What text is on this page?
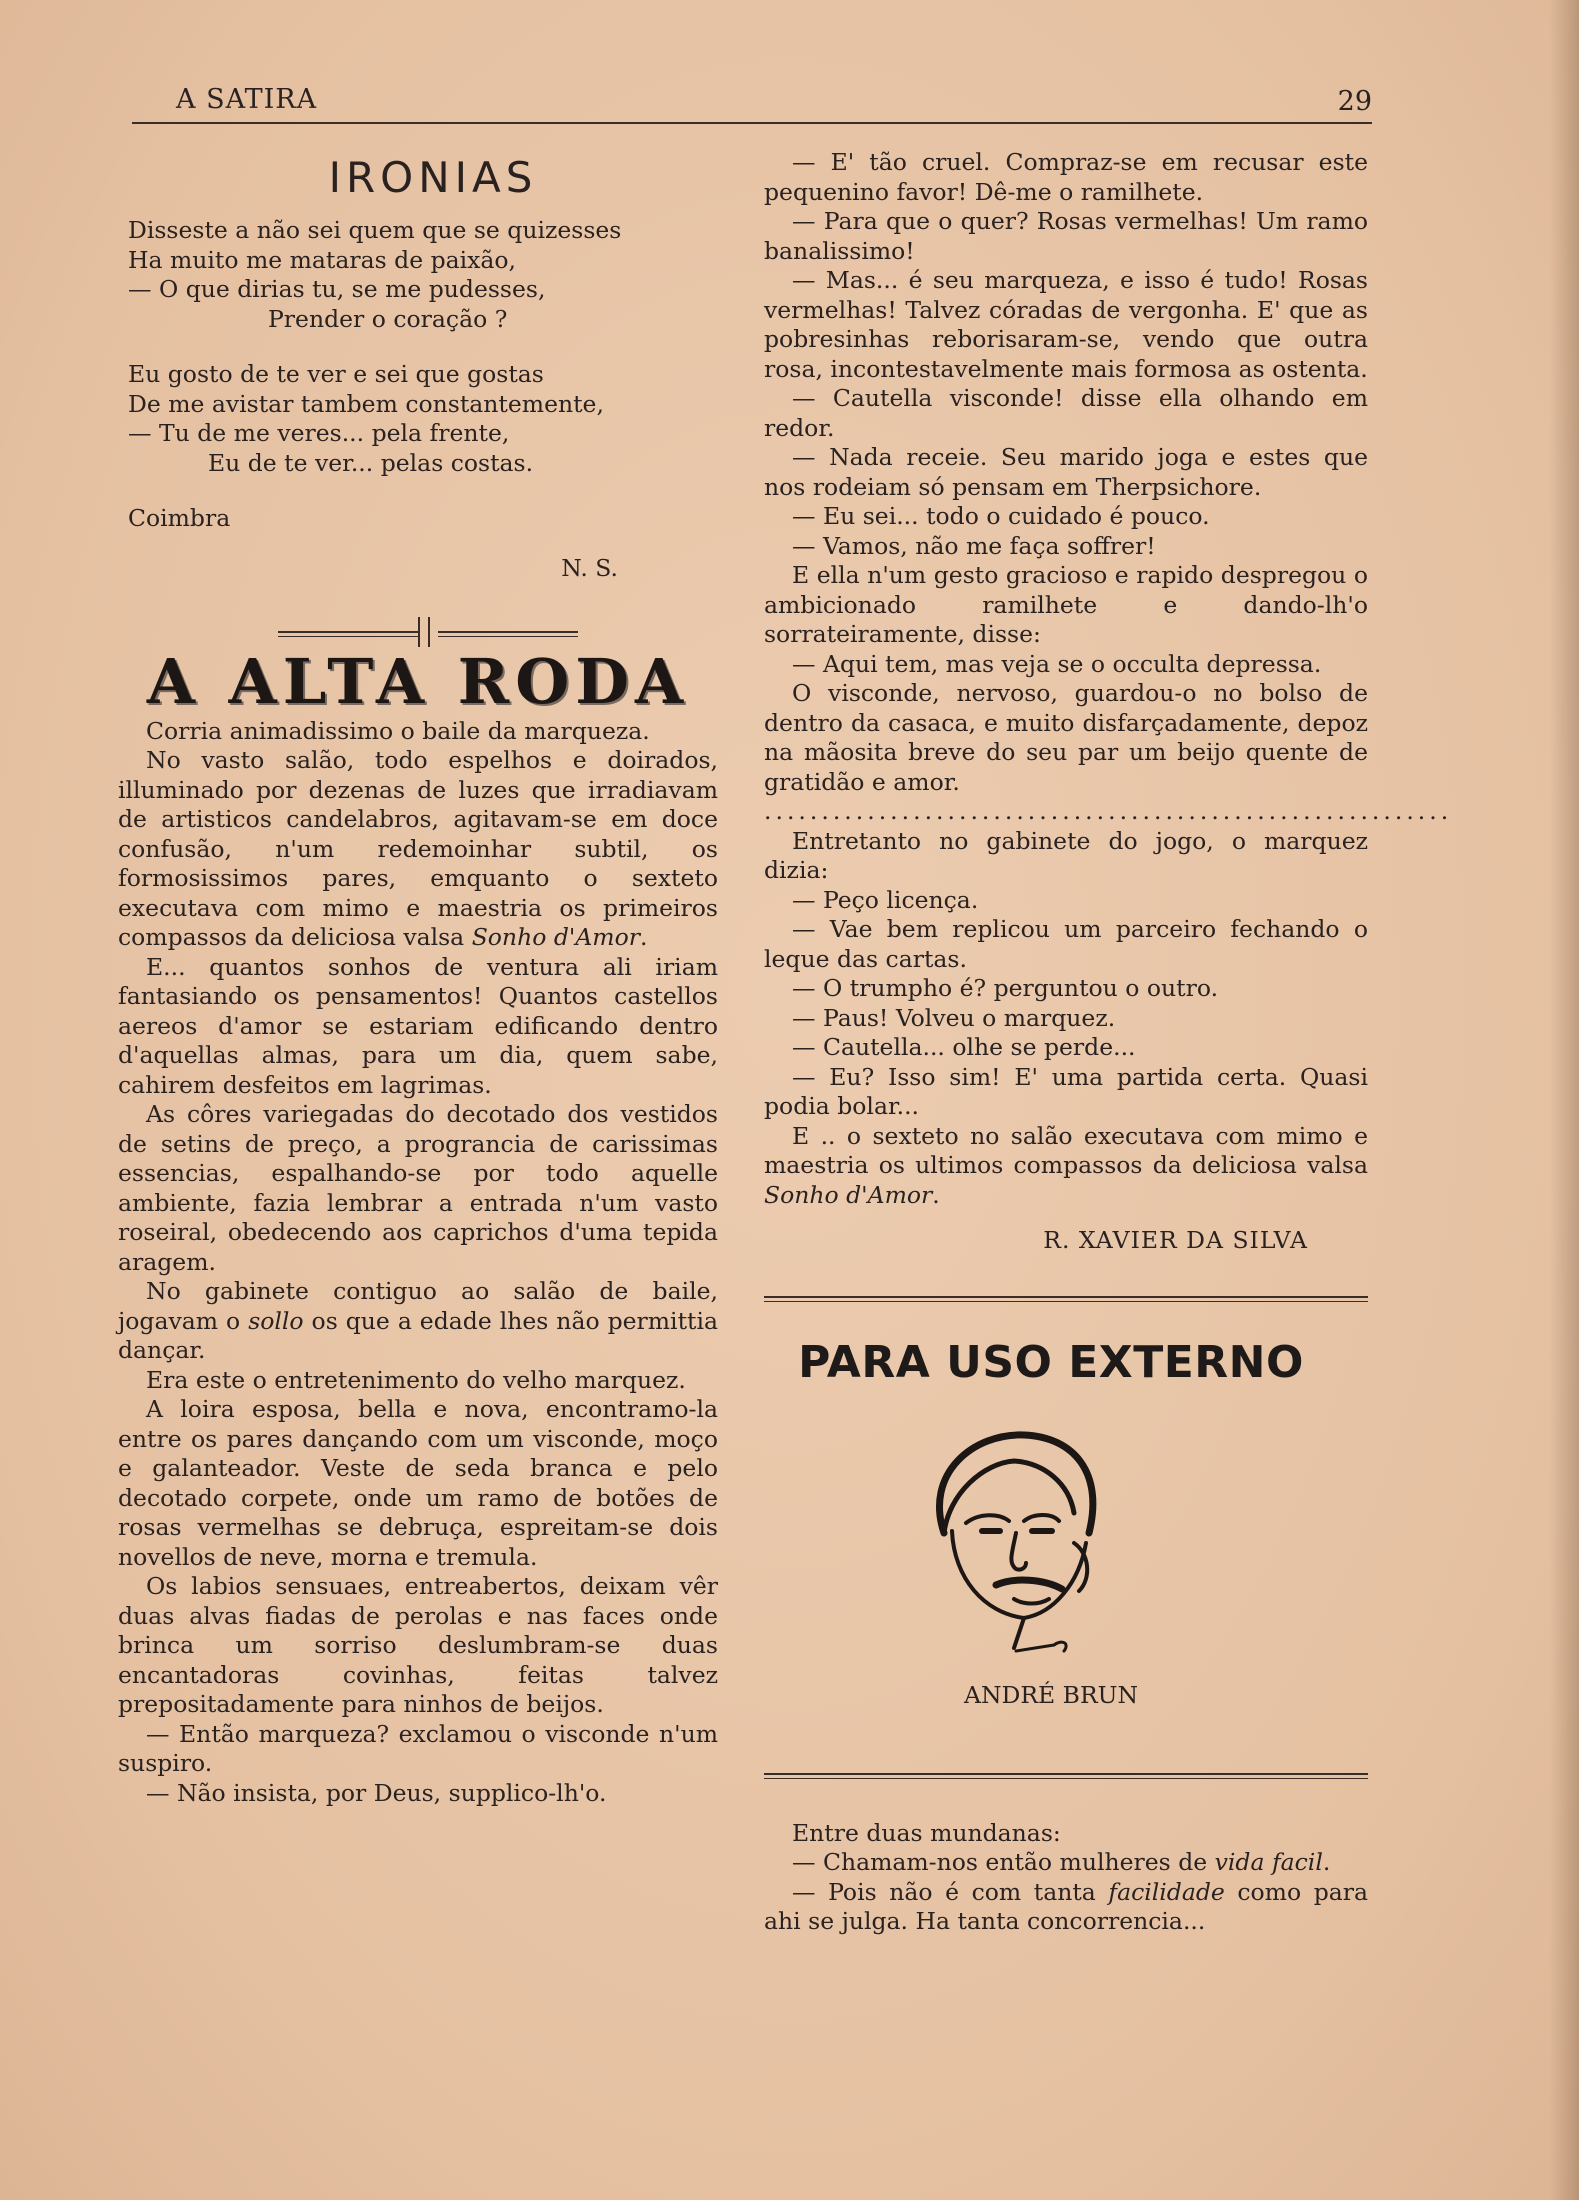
A SATIRA	29
IRONIAS
Disseste a não sei quem que se quizesses
Ha muito me mataras de paixão,
— O que dirias tu, se me pudesses,
Prender o coração ?
Eu gosto de te ver e sei que gostas
De me avistar tambem constantemente,
— Tu de me veres... pela frente,
Eu de te ver... pelas costas.

Coimbra

N. S.

A ALTA RODA

Corria animadissimo o baile da marqueza.

No vasto salão, todo espelhos e doirados, illuminado por dezenas de luzes que irradiavam de artisticos candelabros, agitavam-se em doce confusão, n'um redemoinhar subtil, os formosissimos pares, emquanto o sexteto executava com mimo e maestria os primeiros compassos da deliciosa valsa Sonho d'Amor.

E... quantos sonhos de ventura ali iriam fantasiando os pensamentos! Quantos castellos aereos d'amor se estariam edificando dentro d'aquellas almas, para um dia, quem sabe, cahirem desfeitos em lagrimas.

As côres variegadas do decotado dos vestidos de setins de preço, a prograncia de carissimas essencias, espalhando-se por todo aquelle ambiente, fazia lembrar a entrada n'um vasto roseiral, obedecendo aos caprichos d'uma tepida aragem.

No gabinete contiguo ao salão de baile, jogavam o sollo os que a edade lhes não permittia dançar.

Era este o entretenimento do velho marquez.

A loira esposa, bella e nova, encontramo-la entre os pares dançando com um visconde, moço e galanteador. Veste de seda branca e pelo decotado corpete, onde um ramo de botões de rosas vermelhas se debruça, espreitam-se dois novellos de neve, morna e tremula.

Os labios sensuaes, entreabertos, deixam vêr duas alvas fiadas de perolas e nas faces onde brinca um sorriso deslumbram-se duas encantadoras covinhas, feitas talvez prepositadamente para ninhos de beijos.

— Então marqueza? exclamou o visconde n'um suspiro.

— Não insista, por Deus, supplico-lh'o.

— E' tão cruel. Compraz-se em recusar este pequenino favor! Dê-me o ramilhete.

— Para que o quer? Rosas vermelhas! Um ramo banalissimo!

— Mas... é seu marqueza, e isso é tudo! Rosas vermelhas! Talvez córadas de vergonha. E' que as pobresinhas reborisaram-se, vendo que outra rosa, incontestavelmente mais formosa as ostenta.

— Cautella visconde! disse ella olhando em redor.

— Nada receie. Seu marido joga e estes que nos rodeiam só pensam em Therpsichore.

— Eu sei... todo o cuidado é pouco.

— Vamos, não me faça soffrer!

E ella n'um gesto gracioso e rapido despregou o ambicionado ramilhete e dando-lh'o sorrateiramente, disse:

— Aqui tem, mas veja se o occulta depressa.

O visconde, nervoso, guardou-o no bolso de dentro da casaca, e muito disfarçadamente, depoz na mãosita breve do seu par um beijo quente de gratidão e amor.

............................................................

Entretanto no gabinete do jogo, o marquez dizia:

— Peço licença.

— Vae bem replicou um parceiro fechando o leque das cartas.

— O trumpho é? perguntou o outro.

— Paus! Volveu o marquez.

— Cautella... olhe se perde...

— Eu? Isso sim! E' uma partida certa. Quasi podia bolar...

E .. o sexteto no salão executava com mimo e maestria os ultimos compassos da deliciosa valsa Sonho d'Amor.

R. XAVIER DA SILVA

PARA USO EXTERNO

ANDRÉ BRUN

Entre duas mundanas:

— Chamam-nos então mulheres de vida facil.

— Pois não é com tanta facilidade como para ahi se julga. Ha tanta concorrencia...
